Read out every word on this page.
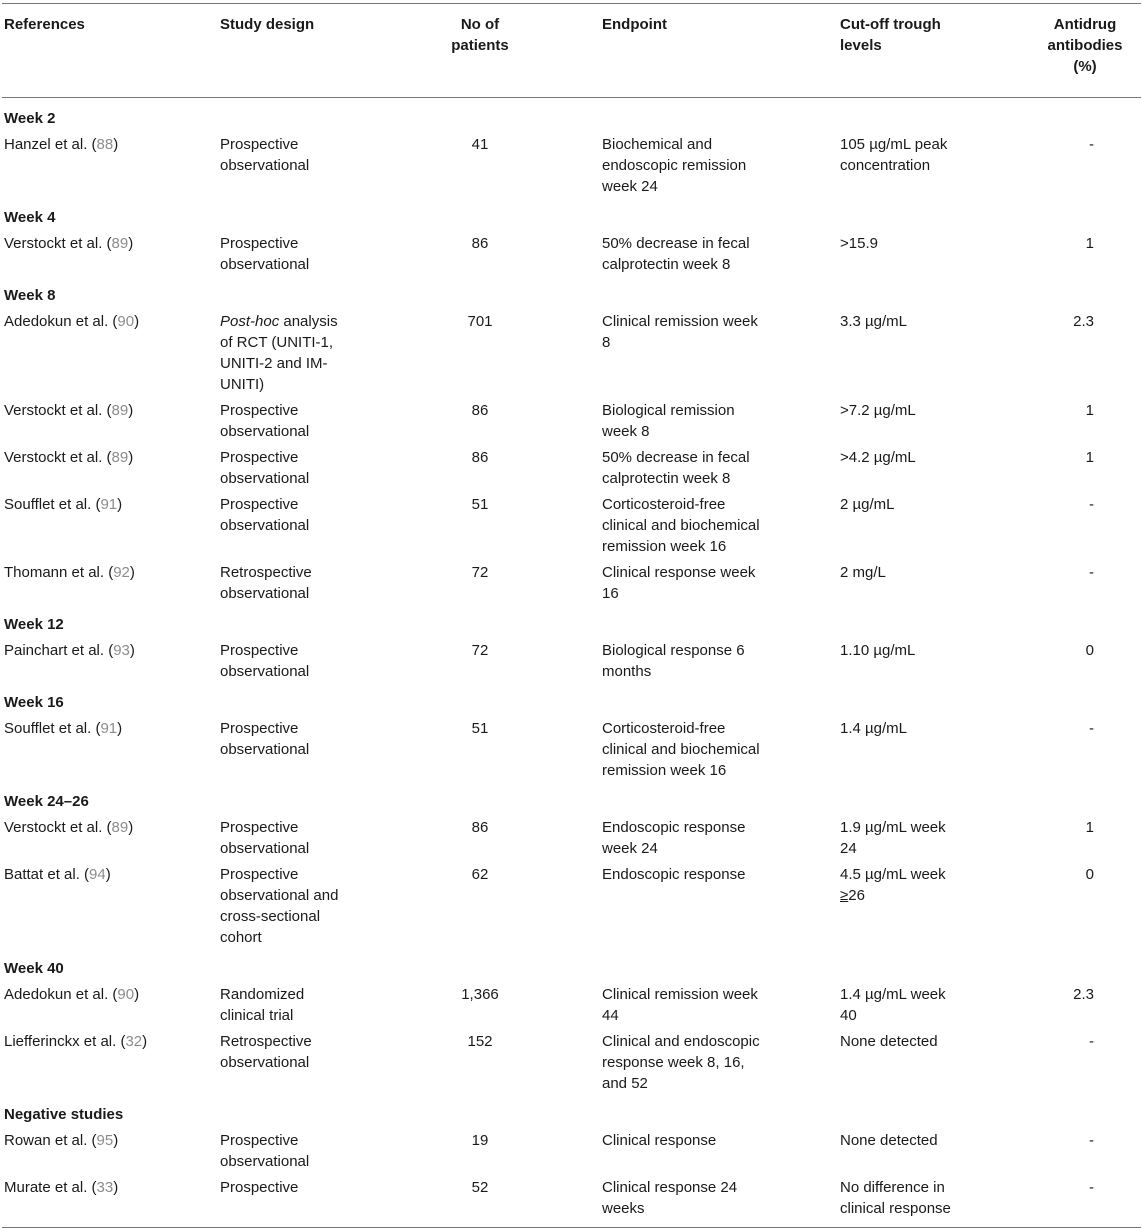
References	Study design	No of patients		Endpoint	Cut-off trough levels	Antidrug antibodies (%)

Week 2						
Hanzel et al. (88)	Prospective observational	41		Biochemical and endoscopic remission week 24	105 µg/mL peak concentration	-
Week 4						
Verstockt et al. (89)	Prospective observational	86		50% decrease in fecal calprotectin week 8	>15.9	1
Week 8						
Adedokun et al. (90)	Post-hoc analysis of RCT (UNITI-1, UNITI-2 and IM-UNITI)	701		Clinical remission week 8	3.3 µg/mL	2.3
Verstockt et al. (89)	Prospective observational	86		Biological remission week 8	>7.2 µg/mL	1
Verstockt et al. (89)	Prospective observational	86		50% decrease in fecal calprotectin week 8	>4.2 µg/mL	1
Soufflet et al. (91)	Prospective observational	51		Corticosteroid-free clinical and biochemical remission week 16	2 µg/mL	-
Thomann et al. (92)	Retrospective observational	72		Clinical response week 16	2 mg/L	-
Week 12						
Painchart et al. (93)	Prospective observational	72		Biological response 6 months	1.10 µg/mL	0
Week 16						
Soufflet et al. (91)	Prospective observational	51		Corticosteroid-free clinical and biochemical remission week 16	1.4 µg/mL	-
Week 24–26						
Verstockt et al. (89)	Prospective observational	86		Endoscopic response week 24	1.9 µg/mL week 24	1
Battat et al. (94)	Prospective observational and cross-sectional cohort	62		Endoscopic response	4.5 µg/mL week ≥26	0
Week 40						
Adedokun et al. (90)	Randomized clinical trial	1,366		Clinical remission week 44	1.4 µg/mL week 40	2.3
Liefferinckx et al. (32)	Retrospective observational	152		Clinical and endoscopic response week 8, 16, and 52	None detected	-
Negative studies						
Rowan et al. (95)	Prospective observational	19		Clinical response	None detected	-
Murate et al. (33)	Prospective	52		Clinical response 24 weeks	No difference in clinical response	-
